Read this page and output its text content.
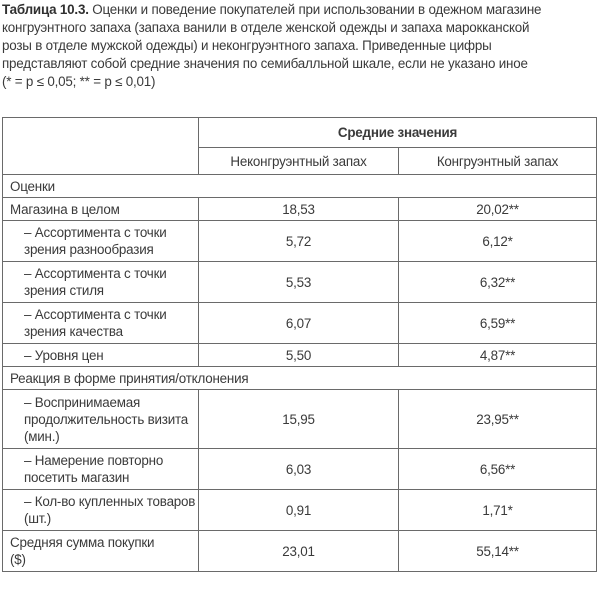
Таблица 10.3. Оценки и поведение покупателей при использовании в одежном магазине
конгруэнтного запаха (запаха ванили в отделе женской одежды и запаха марокканской
розы в отделе мужской одежды) и неконгруэнтного запаха. Приведенные цифры
представляют собой средние значения по семибалльной шкале, если не указано иное
(* = p ≤ 0,05; ** = p ≤ 0,01)

	Средние значения	
	Неконгруэнтный запах	Конгруэнтный запах
Оценки		
Магазина в целом	18,53	20,02**
– Ассортимента с точки
зрения разнообразия	5,72	6,12*
– Ассортимента с точки
зрения стиля	5,53	6,32**
– Ассортимента с точки
зрения качества	6,07	6,59**
– Уровня цен	5,50	4,87**
Реакция в форме принятия/отклонения		
– Воспринимаемая
продолжительность визита
(мин.)	15,95	23,95**
– Намерение повторно
посетить магазин	6,03	6,56**
– Кол-во купленных товаров
(шт.)	0,91	1,71*
Средняя сумма покупки
($)	23,01	55,14**
